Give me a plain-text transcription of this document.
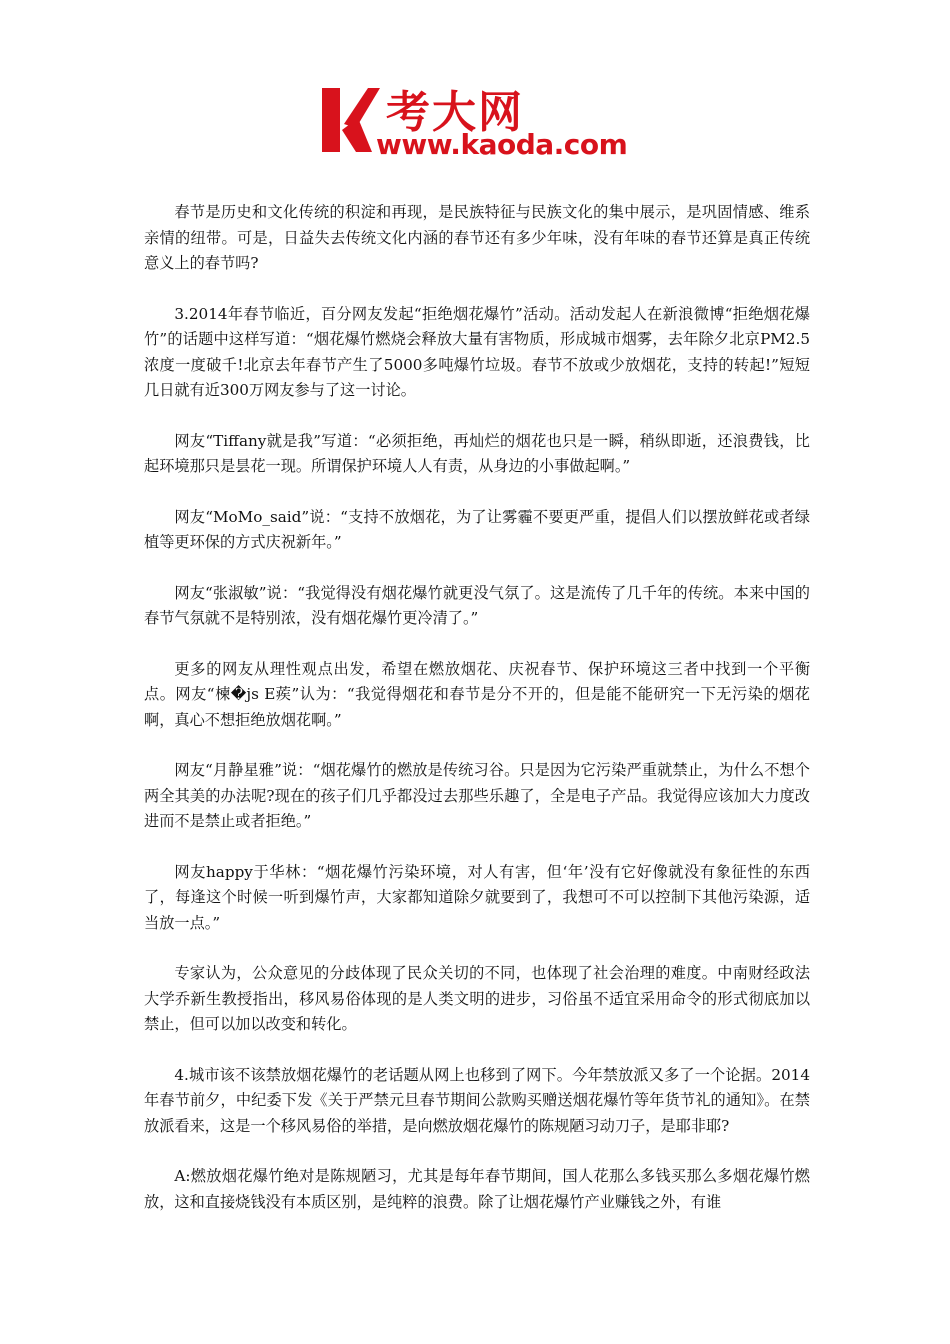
考大网
www.kaoda.com

春节是历史和文化传统的积淀和再现，是民族特征与民族文化的集中展示，是巩固情感、维系亲情的纽带。可是，日益失去传统文化内涵的春节还有多少年味，没有年味的春节还算是真正传统意义上的春节吗?

3.2014年春节临近，百分网友发起“拒绝烟花爆竹”活动。活动发起人在新浪微博“拒绝烟花爆竹”的话题中这样写道：“烟花爆竹燃烧会释放大量有害物质，形成城市烟雾，去年除夕北京PM2.5浓度一度破千!北京去年春节产生了5000多吨爆竹垃圾。春节不放或少放烟花，支持的转起!”短短几日就有近300万网友参与了这一讨论。

网友“Tiffany就是我”写道：“必须拒绝，再灿烂的烟花也只是一瞬，稍纵即逝，还浪费钱，比起环境那只是昙花一现。所谓保护环境人人有责，从身边的小事做起啊。”

网友“MoMo_said”说：“支持不放烟花，为了让雾霾不要更严重，提倡人们以摆放鲜花或者绿植等更环保的方式庆祝新年。”

网友“张淑敏”说：“我觉得没有烟花爆竹就更没气氛了。这是流传了几千年的传统。本来中国的春节气氛就不是特别浓，没有烟花爆竹更冷清了。”

更多的网友从理性观点出发，希望在燃放烟花、庆祝春节、保护环境这三者中找到一个平衡点。网友“楝�js E蒺”认为：“我觉得烟花和春节是分不开的，但是能不能研究一下无污染的烟花啊，真心不想拒绝放烟花啊。”

网友“月静星雅”说：“烟花爆竹的燃放是传统习谷。只是因为它污染严重就禁止，为什么不想个两全其美的办法呢?现在的孩子们几乎都没过去那些乐趣了，全是电子产品。我觉得应该加大力度改进而不是禁止或者拒绝。”

网友happy于华林：“烟花爆竹污染环境，对人有害，但‘年’没有它好像就没有象征性的东西了，每逢这个时候一听到爆竹声，大家都知道除夕就要到了，我想可不可以控制下其他污染源，适当放一点。”

专家认为，公众意见的分歧体现了民众关切的不同，也体现了社会治理的难度。中南财经政法大学乔新生教授指出，移风易俗体现的是人类文明的进步，习俗虽不适宜采用命令的形式彻底加以禁止，但可以加以改变和转化。

4.城市该不该禁放烟花爆竹的老话题从网上也移到了网下。今年禁放派又多了一个论据。2014年春节前夕，中纪委下发《关于严禁元旦春节期间公款购买赠送烟花爆竹等年货节礼的通知》。在禁放派看来，这是一个移风易俗的举措，是向燃放烟花爆竹的陈规陋习动刀子，是耶非耶?

A:燃放烟花爆竹绝对是陈规陋习，尤其是每年春节期间，国人花那么多钱买那么多烟花爆竹燃放，这和直接烧钱没有本质区别，是纯粹的浪费。除了让烟花爆竹产业赚钱之外，有谁
